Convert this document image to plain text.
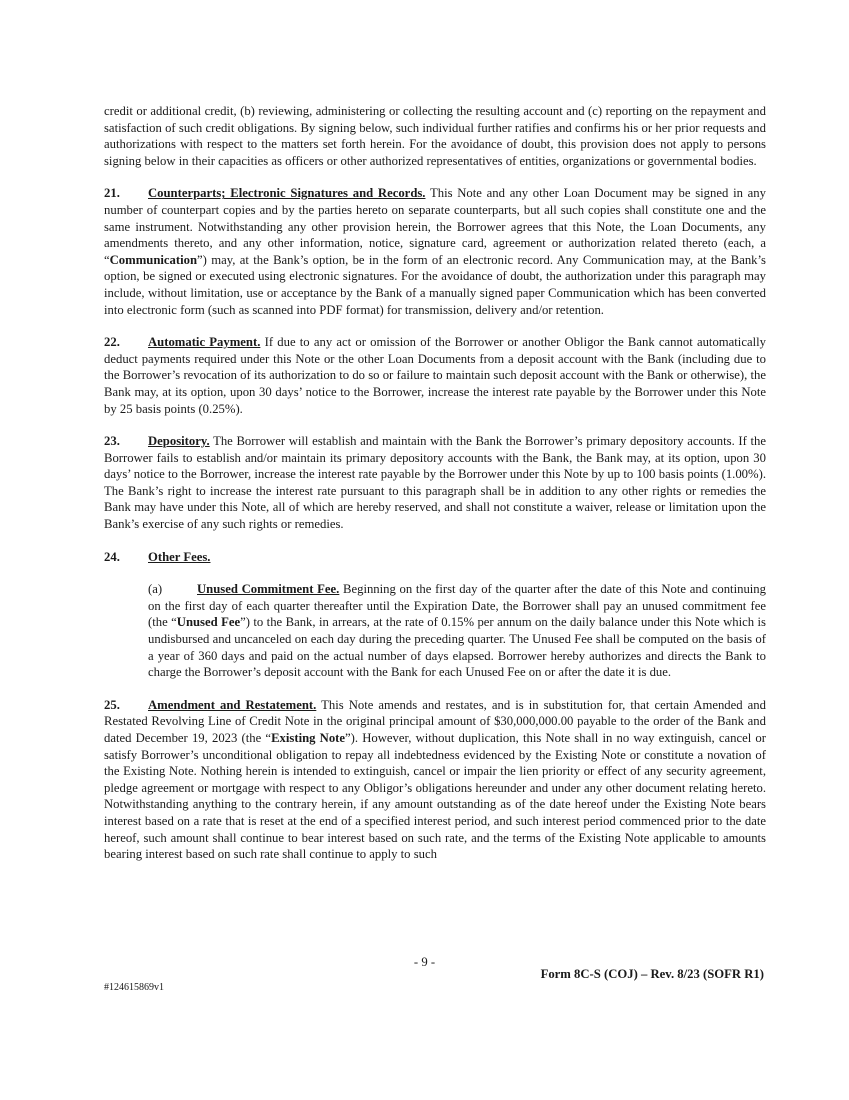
credit or additional credit, (b) reviewing, administering or collecting the resulting account and (c) reporting on the repayment and satisfaction of such credit obligations. By signing below, such individual further ratifies and confirms his or her prior requests and authorizations with respect to the matters set forth herein. For the avoidance of doubt, this provision does not apply to persons signing below in their capacities as officers or other authorized representatives of entities, organizations or governmental bodies.

21. Counterparts; Electronic Signatures and Records. This Note and any other Loan Document may be signed in any number of counterpart copies and by the parties hereto on separate counterparts, but all such copies shall constitute one and the same instrument. Notwithstanding any other provision herein, the Borrower agrees that this Note, the Loan Documents, any amendments thereto, and any other information, notice, signature card, agreement or authorization related thereto (each, a “Communication”) may, at the Bank’s option, be in the form of an electronic record. Any Communication may, at the Bank’s option, be signed or executed using electronic signatures. For the avoidance of doubt, the authorization under this paragraph may include, without limitation, use or acceptance by the Bank of a manually signed paper Communication which has been converted into electronic form (such as scanned into PDF format) for transmission, delivery and/or retention.

22. Automatic Payment. If due to any act or omission of the Borrower or another Obligor the Bank cannot automatically deduct payments required under this Note or the other Loan Documents from a deposit account with the Bank (including due to the Borrower’s revocation of its authorization to do so or failure to maintain such deposit account with the Bank or otherwise), the Bank may, at its option, upon 30 days’ notice to the Borrower, increase the interest rate payable by the Borrower under this Note by 25 basis points (0.25%).

23. Depository. The Borrower will establish and maintain with the Bank the Borrower’s primary depository accounts. If the Borrower fails to establish and/or maintain its primary depository accounts with the Bank, the Bank may, at its option, upon 30 days’ notice to the Borrower, increase the interest rate payable by the Borrower under this Note by up to 100 basis points (1.00%). The Bank’s right to increase the interest rate pursuant to this paragraph shall be in addition to any other rights or remedies the Bank may have under this Note, all of which are hereby reserved, and shall not constitute a waiver, release or limitation upon the Bank’s exercise of any such rights or remedies.

24. Other Fees.

(a)	Unused Commitment Fee. Beginning on the first day of the quarter after the date of this Note and continuing on the first day of each quarter thereafter until the Expiration Date, the Borrower shall pay an unused commitment fee (the “Unused Fee”) to the Bank, in arrears, at the rate of 0.15% per annum on the daily balance under this Note which is undisbursed and uncanceled on each day during the preceding quarter. The Unused Fee shall be computed on the basis of a year of 360 days and paid on the actual number of days elapsed. Borrower hereby authorizes and directs the Bank to charge the Borrower’s deposit account with the Bank for each Unused Fee on or after the date it is due.

25. Amendment and Restatement. This Note amends and restates, and is in substitution for, that certain Amended and Restated Revolving Line of Credit Note in the original principal amount of $30,000,000.00 payable to the order of the Bank and dated December 19, 2023 (the “Existing Note”). However, without duplication, this Note shall in no way extinguish, cancel or satisfy Borrower’s unconditional obligation to repay all indebtedness evidenced by the Existing Note or constitute a novation of the Existing Note. Nothing herein is intended to extinguish, cancel or impair the lien priority or effect of any security agreement, pledge agreement or mortgage with respect to any Obligor’s obligations hereunder and under any other document relating hereto. Notwithstanding anything to the contrary herein, if any amount outstanding as of the date hereof under the Existing Note bears interest based on a rate that is reset at the end of a specified interest period, and such interest period commenced prior to the date hereof, such amount shall continue to bear interest based on such rate, and the terms of the Existing Note applicable to amounts bearing interest based on such rate shall continue to apply to such

- 9 -
Form 8C-S (COJ) – Rev. 8/23 (SOFR R1)
#124615869v1
